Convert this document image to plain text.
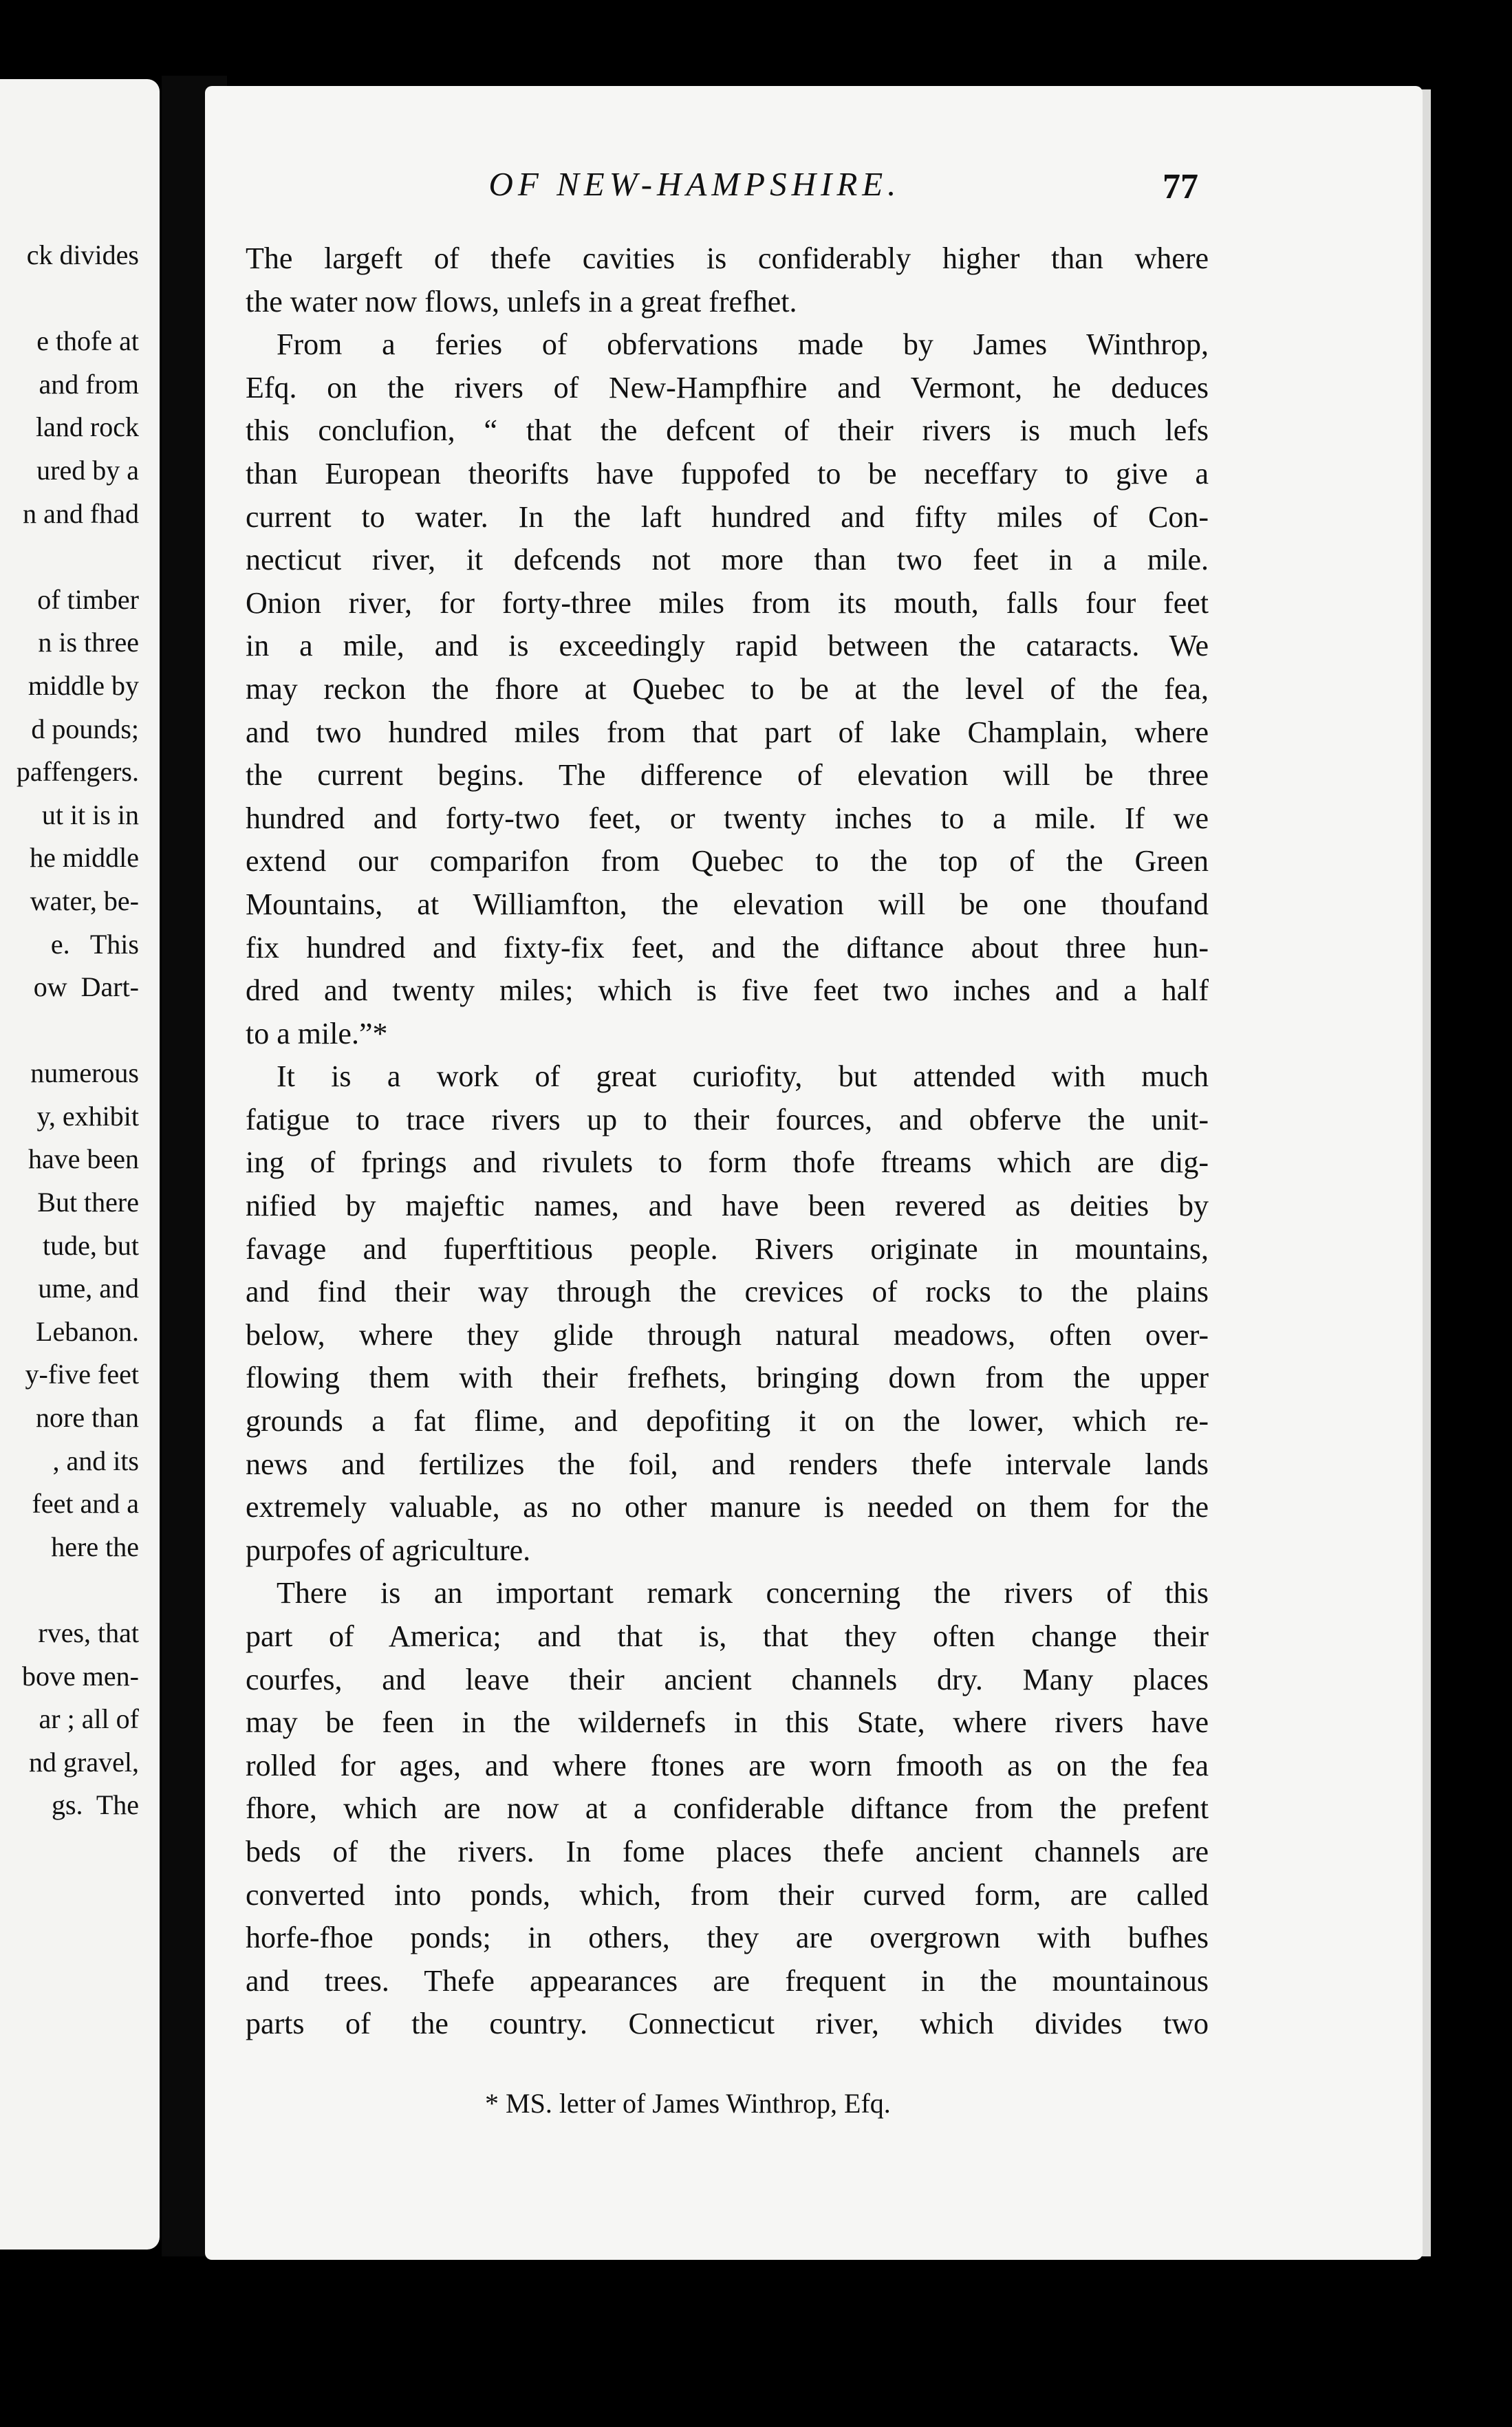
ck divides
e thofe at
and from
land rock
ured by a
n and fhad
of timber
n is three
middle by
d pounds;
paffengers.
ut it is in
he middle
water, be-
e.   This
ow  Dart-
numerous
y, exhibit
have been
But there
tude, but
ume, and
Lebanon.
y-five feet
nore than
, and its
feet and a
here the
rves, that
bove men-
ar ; all of
nd gravel,
gs.  The
OF NEW-HAMPSHIRE.	77
The largeft of thefe cavities is confiderably higher than where
the water now flows, unlefs in a great frefhet.
From a feries of obfervations made by James Winthrop,
Efq. on the rivers of New-Hampfhire and Vermont, he deduces
this conclufion, “ that the defcent of their rivers is much lefs
than European theorifts have fuppofed to be neceffary to give a
current to water. In the laft hundred and fifty miles of Con-
necticut river, it defcends not more than two feet in a mile.
Onion river, for forty-three miles from its mouth, falls four feet
in a mile, and is exceedingly rapid between the cataracts. We
may reckon the fhore at Quebec to be at the level of the fea,
and two hundred miles from that part of lake Champlain, where
the current begins. The difference of elevation will be three
hundred and forty-two feet, or twenty inches to a mile. If we
extend our comparifon from Quebec to the top of the Green
Mountains, at Williamfton, the elevation will be one thoufand
fix hundred and fixty-fix feet, and the diftance about three hun-
dred and twenty miles; which is five feet two inches and a half
to a mile.”*
It is a work of great curiofity, but attended with much
fatigue to trace rivers up to their fources, and obferve the unit-
ing of fprings and rivulets to form thofe ftreams which are dig-
nified by majeftic names, and have been revered as deities by
favage and fuperftitious people. Rivers originate in mountains,
and find their way through the crevices of rocks to the plains
below, where they glide through natural meadows, often over-
flowing them with their frefhets, bringing down from the upper
grounds a fat flime, and depofiting it on the lower, which re-
news and fertilizes the foil, and renders thefe intervale lands
extremely valuable, as no other manure is needed on them for the
purpofes of agriculture.
There is an important remark concerning the rivers of this
part of America; and that is, that they often change their
courfes, and leave their ancient channels dry. Many places
may be feen in the wildernefs in this State, where rivers have
rolled for ages, and where ftones are worn fmooth as on the fea
fhore, which are now at a confiderable diftance from the prefent
beds of the rivers. In fome places thefe ancient channels are
converted into ponds, which, from their curved form, are called
horfe-fhoe ponds; in others, they are overgrown with bufhes
and trees. Thefe appearances are frequent in the mountainous
parts of the country. Connecticut river, which divides two
* MS. letter of James Winthrop, Efq.
